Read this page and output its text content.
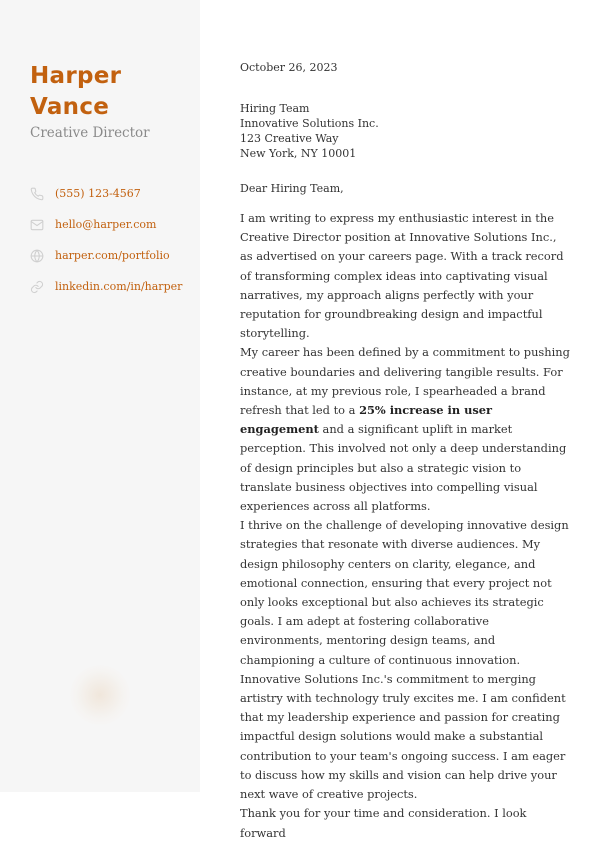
Harper
Vance
Creative Director
(555) 123-4567
hello@harper.com
harper.com/portfolio
linkedin.com/in/harper
October 26, 2023
Hiring Team
Innovative Solutions Inc.
123 Creative Way
New York, NY 10001
Dear Hiring Team,

I am writing to express my enthusiastic interest in the Creative Director position at Innovative Solutions Inc., as advertised on your careers page. With a track record of transforming complex ideas into captivating visual narratives, my approach aligns perfectly with your reputation for groundbreaking design and impactful storytelling.

My career has been defined by a commitment to pushing creative boundaries and delivering tangible results. For instance, at my previous role, I spearheaded a brand refresh that led to a 25% increase in user engagement and a significant uplift in market perception. This involved not only a deep understanding of design principles but also a strategic vision to translate business objectives into compelling visual experiences across all platforms.

I thrive on the challenge of developing innovative design strategies that resonate with diverse audiences. My design philosophy centers on clarity, elegance, and emotional connection, ensuring that every project not only looks exceptional but also achieves its strategic goals. I am adept at fostering collaborative environments, mentoring design teams, and championing a culture of continuous innovation.

Innovative Solutions Inc.'s commitment to merging artistry with technology truly excites me. I am confident that my leadership experience and passion for creating impactful design solutions would make a substantial contribution to your team's ongoing success. I am eager to discuss how my skills and vision can help drive your next wave of creative projects.

Thank you for your time and consideration. I look forward
